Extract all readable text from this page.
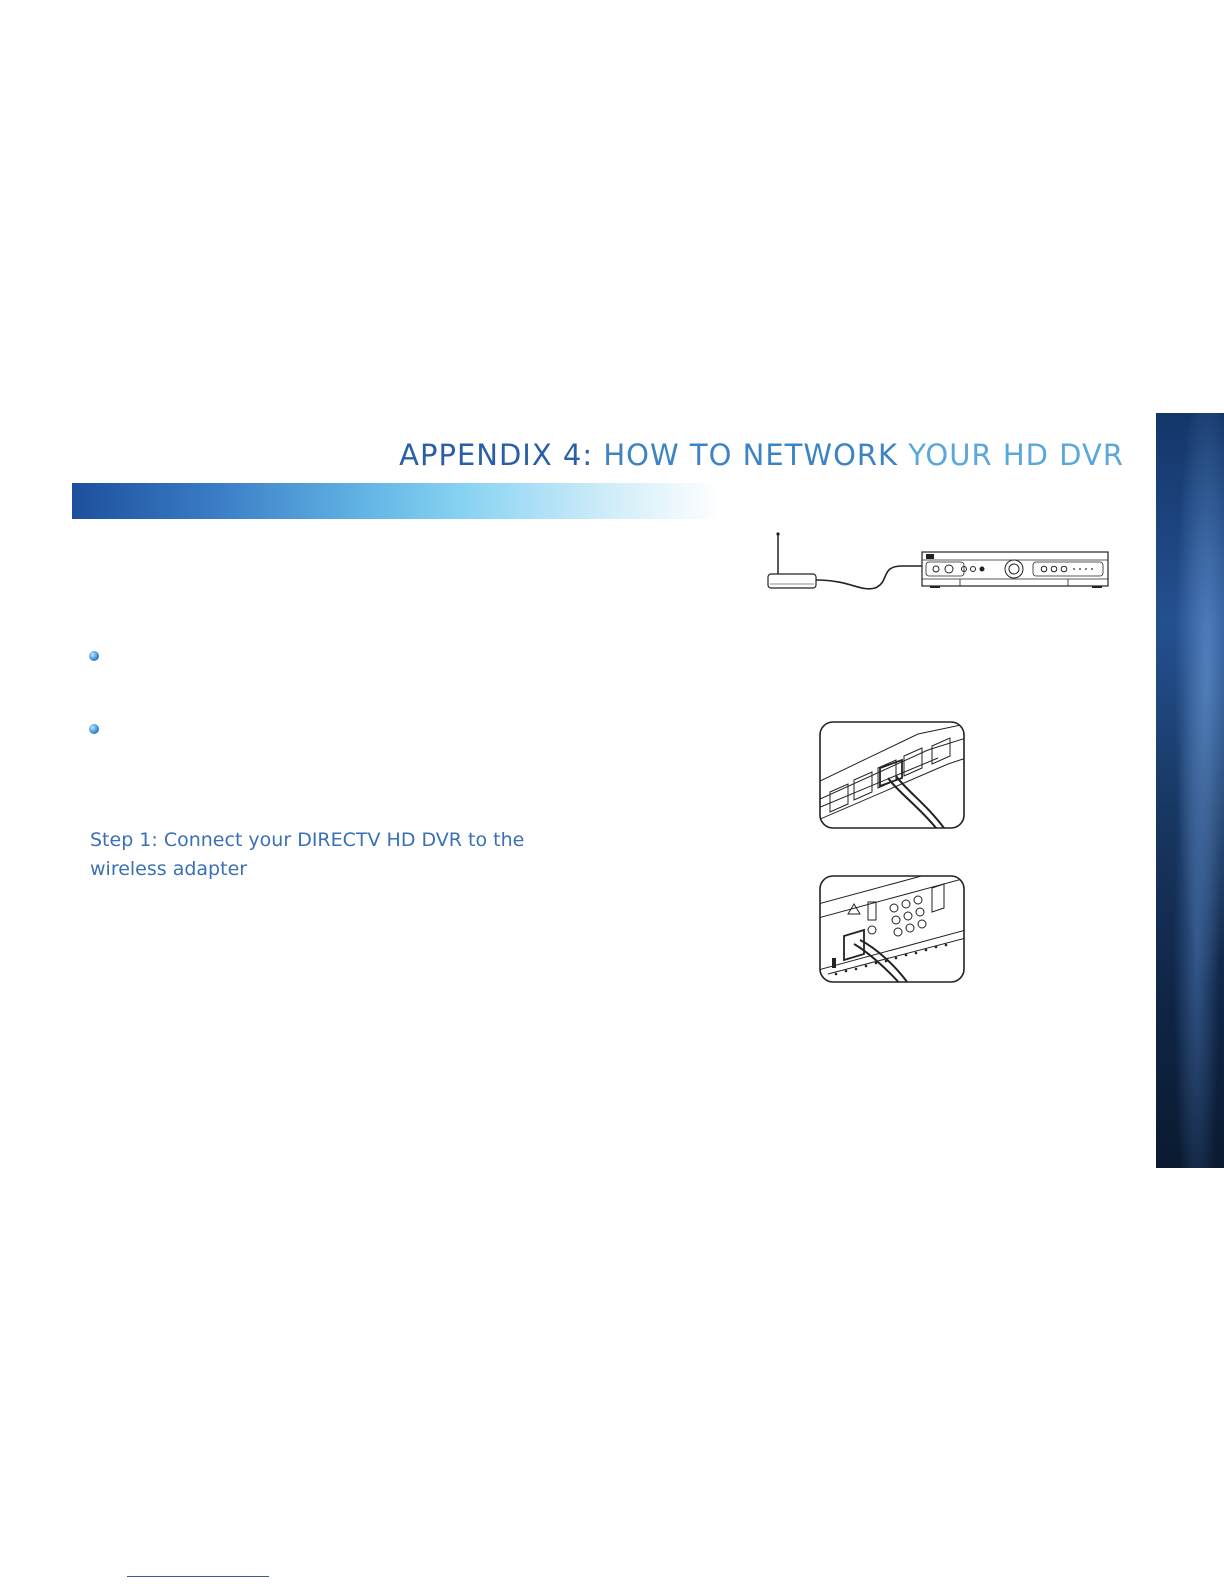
APPENDIX 4: HOW TO NETWORK YOUR HD DVR

Step 1: Connect your DIRECTV HD DVR to the wireless adapter
